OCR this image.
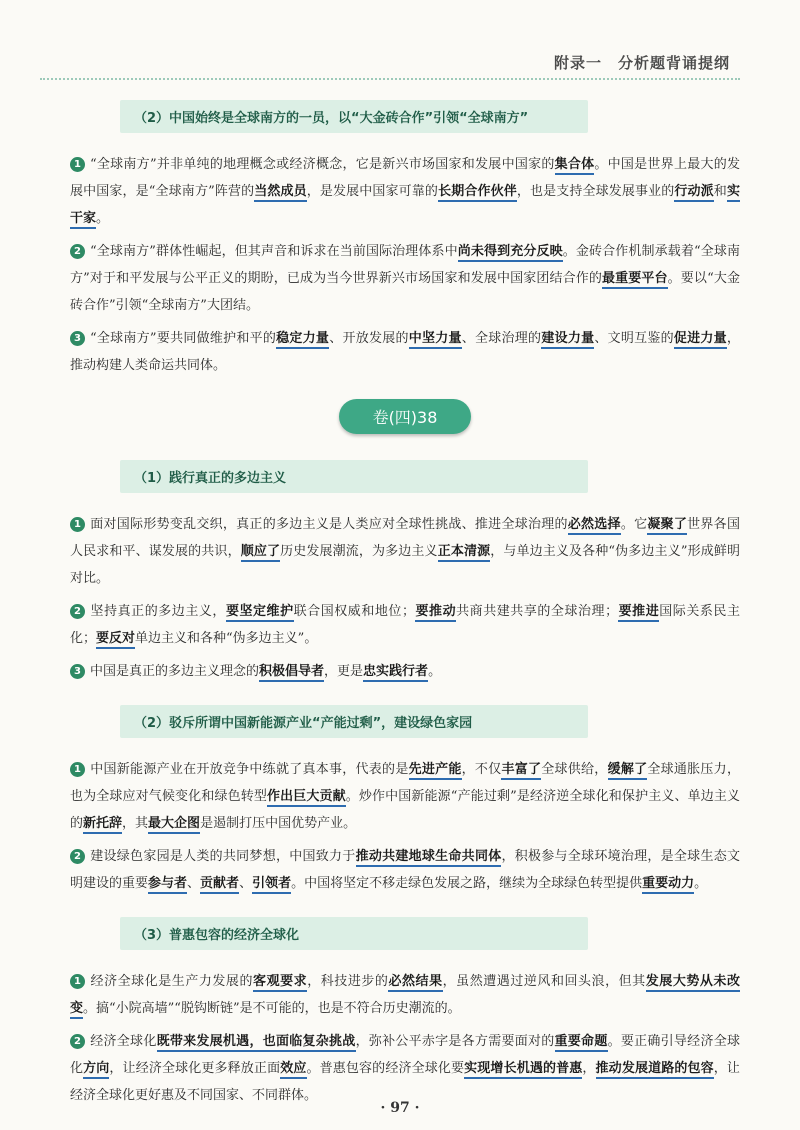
附录一　分析题背诵提纲
（2）中国始终是全球南方的一员，以“大金砖合作”引领“全球南方”

1 “全球南方”并非单纯的地理概念或经济概念，它是新兴市场国家和发展中国家的集合体。中国是世界上最大的发展中国家，是“全球南方”阵营的当然成员，是发展中国家可靠的长期合作伙伴，也是支持全球发展事业的行动派和实干家。

2 “全球南方”群体性崛起，但其声音和诉求在当前国际治理体系中尚未得到充分反映。金砖合作机制承载着“全球南方”对于和平发展与公平正义的期盼，已成为当今世界新兴市场国家和发展中国家团结合作的最重要平台。要以“大金砖合作”引领“全球南方”大团结。

3 “全球南方”要共同做维护和平的稳定力量、开放发展的中坚力量、全球治理的建设力量、文明互鉴的促进力量，推动构建人类命运共同体。

卷(四)38
（1）践行真正的多边主义

1 面对国际形势变乱交织，真正的多边主义是人类应对全球性挑战、推进全球治理的必然选择。它凝聚了世界各国人民求和平、谋发展的共识，顺应了历史发展潮流，为多边主义正本清源，与单边主义及各种“伪多边主义”形成鲜明对比。

2 坚持真正的多边主义，要坚定维护联合国权威和地位；要推动共商共建共享的全球治理；要推进国际关系民主化；要反对单边主义和各种“伪多边主义”。

3 中国是真正的多边主义理念的积极倡导者，更是忠实践行者。

（2）驳斥所谓中国新能源产业“产能过剩”，建设绿色家园

1 中国新能源产业在开放竞争中练就了真本事，代表的是先进产能，不仅丰富了全球供给，缓解了全球通胀压力，也为全球应对气候变化和绿色转型作出巨大贡献。炒作中国新能源“产能过剩”是经济逆全球化和保护主义、单边主义的新托辞，其最大企图是遏制打压中国优势产业。

2 建设绿色家园是人类的共同梦想，中国致力于推动共建地球生命共同体，积极参与全球环境治理，是全球生态文明建设的重要参与者、贡献者、引领者。中国将坚定不移走绿色发展之路，继续为全球绿色转型提供重要动力。

（3）普惠包容的经济全球化

1 经济全球化是生产力发展的客观要求，科技进步的必然结果，虽然遭遇过逆风和回头浪，但其发展大势从未改变。搞“小院高墙”“脱钩断链”是不可能的，也是不符合历史潮流的。

2 经济全球化既带来发展机遇，也面临复杂挑战，弥补公平赤字是各方需要面对的重要命题。要正确引导经济全球化方向，让经济全球化更多释放正面效应。普惠包容的经济全球化要实现增长机遇的普惠，推动发展道路的包容，让经济全球化更好惠及不同国家、不同群体。

· 97 ·
